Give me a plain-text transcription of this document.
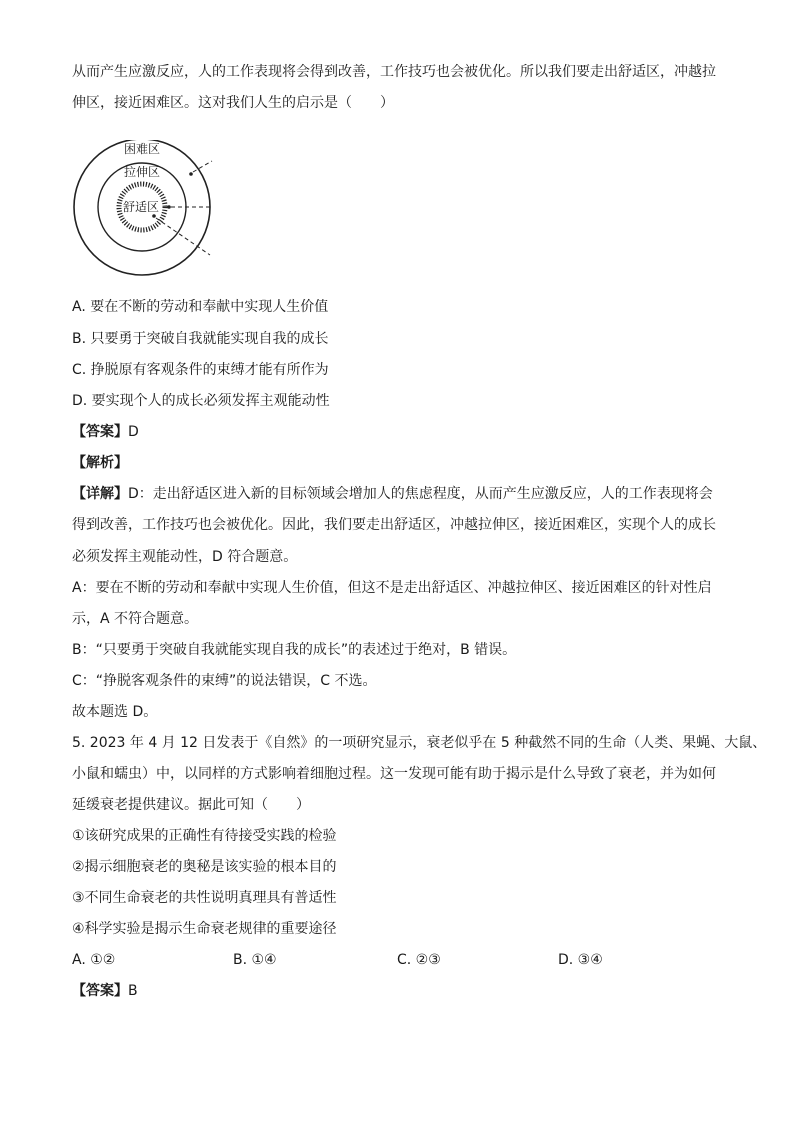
从而产生应激反应，人的工作表现将会得到改善，工作技巧也会被优化。所以我们要走出舒适区，冲越拉
伸区，接近困难区。这对我们人生的启示是（　　）
困难区
拉伸区
舒适区
A. 要在不断的劳动和奉献中实现人生价值
B. 只要勇于突破自我就能实现自我的成长
C. 挣脱原有客观条件的束缚才能有所作为
D. 要实现个人的成长必须发挥主观能动性
【答案】D
【解析】
【详解】D：走出舒适区进入新的目标领域会增加人的焦虑程度，从而产生应激反应，人的工作表现将会
得到改善，工作技巧也会被优化。因此，我们要走出舒适区，冲越拉伸区，接近困难区，实现个人的成长
必须发挥主观能动性，D 符合题意。
A：要在不断的劳动和奉献中实现人生价值，但这不是走出舒适区、冲越拉伸区、接近困难区的针对性启
示，A 不符合题意。
B：“只要勇于突破自我就能实现自我的成长”的表述过于绝对，B 错误。
C：“挣脱客观条件的束缚”的说法错误，C 不选。
故本题选 D。
5. 2023 年 4 月 12 日发表于《自然》的一项研究显示，衰老似乎在 5 种截然不同的生命（人类、果蝇、大鼠、
小鼠和蠕虫）中，以同样的方式影响着细胞过程。这一发现可能有助于揭示是什么导致了衰老，并为如何
延缓衰老提供建议。据此可知（　　）
①该研究成果的正确性有待接受实践的检验
②揭示细胞衰老的奥秘是该实验的根本目的
③不同生命衰老的共性说明真理具有普适性
④科学实验是揭示生命衰老规律的重要途径
A. ①②	B. ①④	C. ②③	D. ③④
【答案】B
